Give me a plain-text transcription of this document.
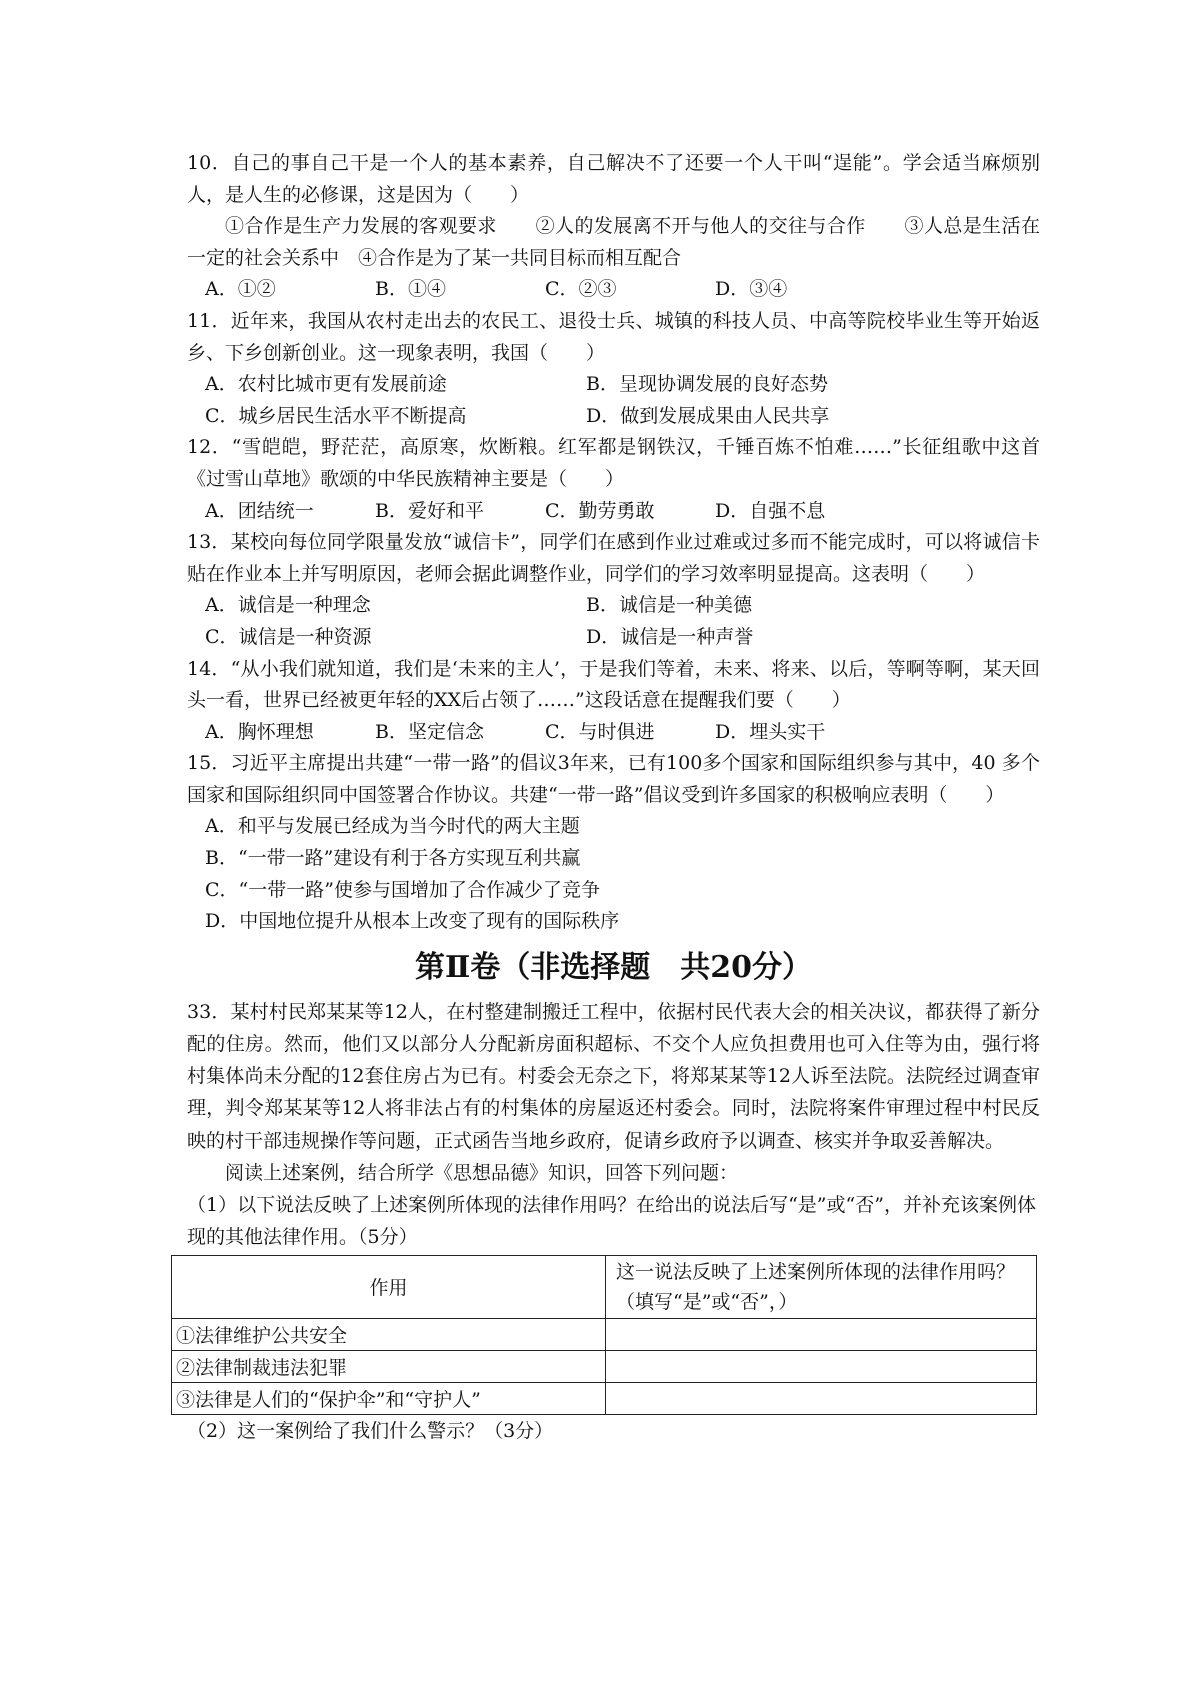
10．自己的事自己干是一个人的基本素养，自己解决不了还要一个人干叫“逞能”。学会适当麻烦别人，是人生的必修课，这是因为（　　）

①合作是生产力发展的客观要求　　②人的发展离不开与他人的交往与合作　　③人总是生活在一定的社会关系中　④合作是为了某一共同目标而相互配合

A．①②	B．①④	C．②③	D．③④

11．近年来，我国从农村走出去的农民工、退役士兵、城镇的科技人员、中高等院校毕业生等开始返乡、下乡创新创业。这一现象表明，我国（　　）

A．农村比城市更有发展前途	B．呈现协调发展的良好态势
C．城乡居民生活水平不断提高	D．做到发展成果由人民共享

12．“雪皑皑，野茫茫，高原寒，炊断粮。红军都是钢铁汉，千锤百炼不怕难……”长征组歌中这首《过雪山草地》歌颂的中华民族精神主要是（　　）

A．团结统一	B．爱好和平	C．勤劳勇敢	D．自强不息

13．某校向每位同学限量发放“诚信卡”，同学们在感到作业过难或过多而不能完成时，可以将诚信卡贴在作业本上并写明原因，老师会据此调整作业，同学们的学习效率明显提高。这表明（　　）

A．诚信是一种理念	B．诚信是一种美德
C．诚信是一种资源	D．诚信是一种声誉

14．“从小我们就知道，我们是‘未来的主人’，于是我们等着，未来、将来、以后，等啊等啊，某天回头一看，世界已经被更年轻的XX后占领了……”这段话意在提醒我们要（　　）

A．胸怀理想	B．坚定信念	C．与时俱进	D．埋头实干

15．习近平主席提出共建“一带一路”的倡议3年来，已有100多个国家和国际组织参与其中，40 多个国家和国际组织同中国签署合作协议。共建“一带一路”倡议受到许多国家的积极响应表明（　　）

A．和平与发展已经成为当今时代的两大主题
B．“一带一路”建设有利于各方实现互利共赢
C．“一带一路”使参与国增加了合作减少了竞争
D．中国地位提升从根本上改变了现有的国际秩序
第Ⅱ卷（非选择题　共20分）

33．某村村民郑某某等12人，在村整建制搬迁工程中，依据村民代表大会的相关决议，都获得了新分配的住房。然而，他们又以部分人分配新房面积超标、不交个人应负担费用也可入住等为由，强行将村集体尚未分配的12套住房占为已有。村委会无奈之下，将郑某某等12人诉至法院。法院经过调查审理，判令郑某某等12人将非法占有的村集体的房屋返还村委会。同时，法院将案件审理过程中村民反映的村干部违规操作等问题，正式函告当地乡政府，促请乡政府予以调查、核实并争取妥善解决。

阅读上述案例，结合所学《思想品德》知识，回答下列问题：

（1）以下说法反映了上述案例所体现的法律作用吗？在给出的说法后写“是”或“否”，并补充该案例体现的其他法律作用。（5分）

作用	这一说法反映了上述案例所体现的法律作用吗？（填写“是”或“否”，）
①法律维护公共安全	
②法律制裁违法犯罪	
③法律是人们的“保护伞”和“守护人”	

（2）这一案例给了我们什么警示？（3分）
